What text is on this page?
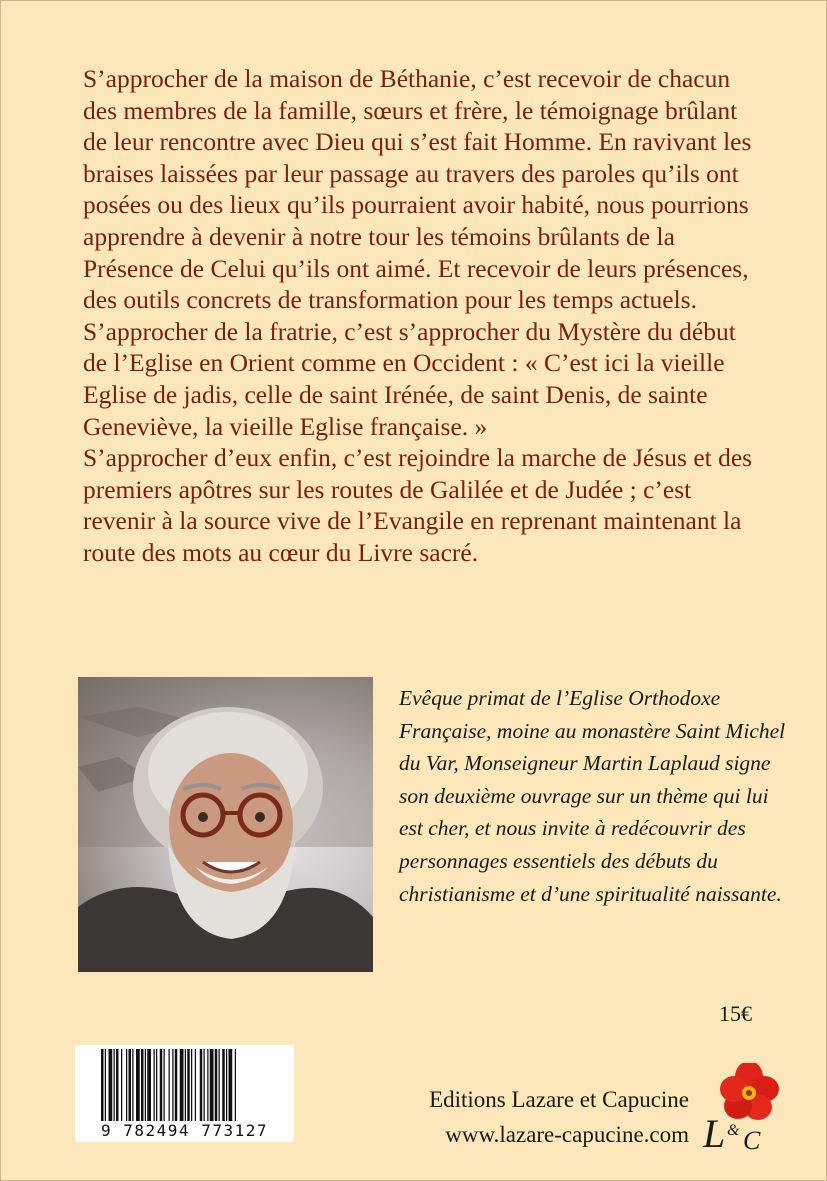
S’approcher de la maison de Béthanie, c’est recevoir de chacun des membres de la famille, sœurs et frère, le témoignage brûlant de leur rencontre avec Dieu qui s’est fait Homme. En ravivant les braises laissées par leur passage au travers des paroles qu’ils ont posées ou des lieux qu’ils pourraient avoir habité, nous pourrions apprendre à devenir à notre tour les témoins brûlants de la Présence de Celui qu’ils ont aimé. Et recevoir de leurs présences, des outils concrets de transformation pour les temps actuels.

S’approcher de la fratrie, c’est s’approcher du Mystère du début de l’Eglise en Orient comme en Occident : « C’est ici la vieille Eglise de jadis, celle de saint Irénée, de saint Denis, de sainte Geneviève, la vieille Eglise française. »

S’approcher d’eux enfin, c’est rejoindre la marche de Jésus et des premiers apôtres sur les routes de Galilée et de Judée ; c’est revenir à la source vive de l’Evangile en reprenant maintenant la route des mots au cœur du Livre sacré.

Evêque primat de l’Eglise Orthodoxe Française, moine au monastère Saint Michel du Var, Monseigneur Martin Laplaud signe son deuxième ouvrage sur un thème qui lui est cher, et nous invite à redécouvrir des personnages essentiels des débuts du christianisme et d’une spiritualité naissante.

15€
9 782494 773127
Editions Lazare et Capucine
www.lazare-capucine.com L & C
